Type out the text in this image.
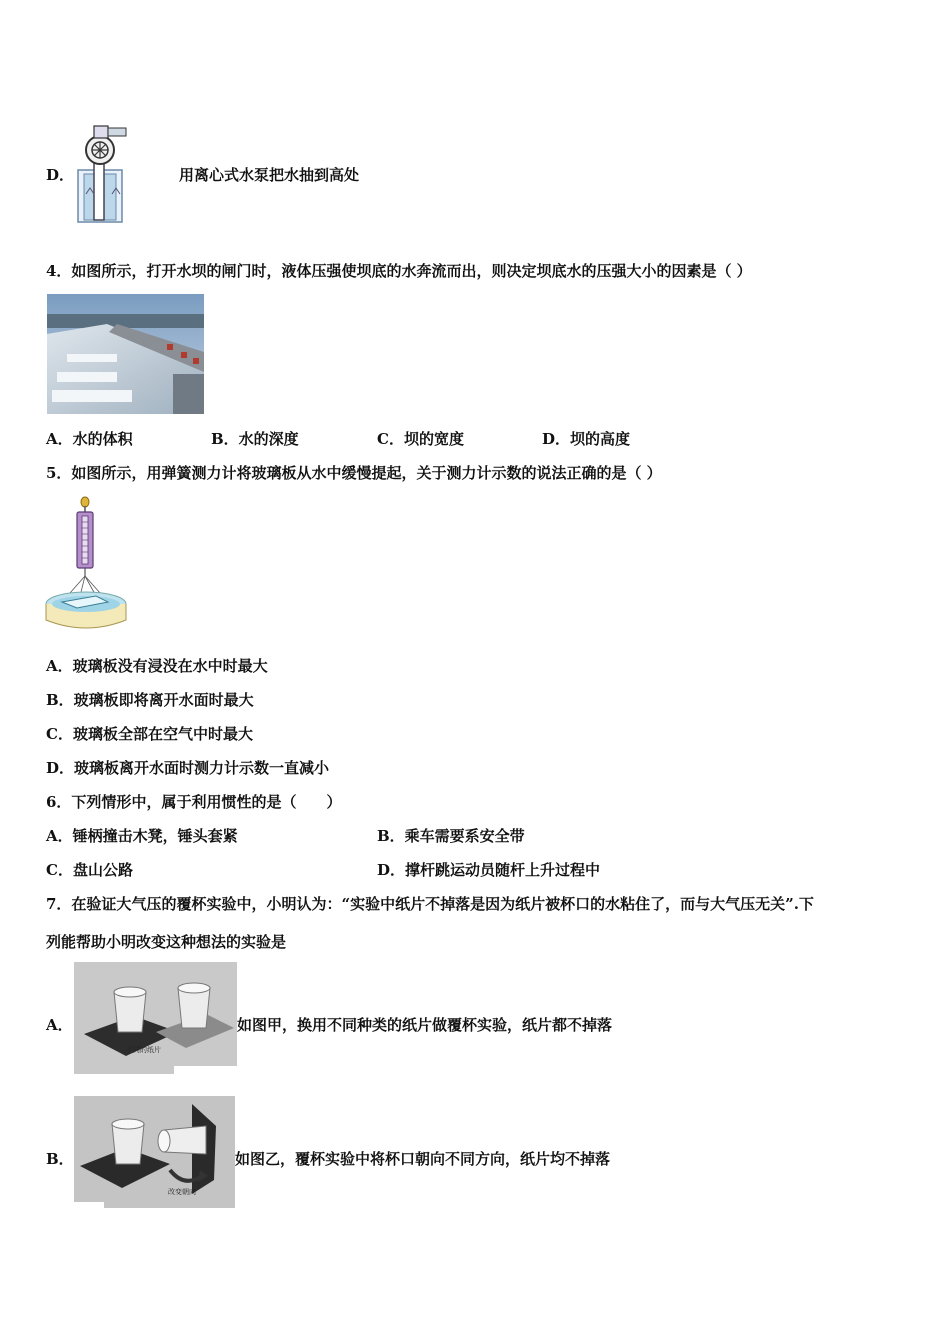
D．	用离心式水泵把水抽到高处
4．如图所示，打开水坝的闸门时，液体压强使坝底的水奔流而出，则决定坝底水的压强大小的因素是（ ）
A．水的体积	B．水的深度	C．坝的宽度	D．坝的高度
5．如图所示，用弹簧测力计将玻璃板从水中缓慢提起，关于测力计示数的说法正确的是（ ）
A．玻璃板没有浸没在水中时最大
B．玻璃板即将离开水面时最大
C．玻璃板全部在空气中时最大
D．玻璃板离开水面时测力计示数一直减小
6．下列情形中，属于利用惯性的是（　　）
A．锤柄撞击木凳，锤头套紧	B．乘车需要系安全带
C．盘山公路	D．撑杆跳运动员随杆上升过程中
7．在验证大气压的覆杯实验中，小明认为：“实验中纸片不掉落是因为纸片被杯口的水粘住了，而与大气压无关”.下
列能帮助小明改变这种想法的实验是
A．
不同的纸片
如图甲，换用不同种类的纸片做覆杯实验，纸片都不掉落
B．
改变朝向
如图乙，覆杯实验中将杯口朝向不同方向，纸片均不掉落
